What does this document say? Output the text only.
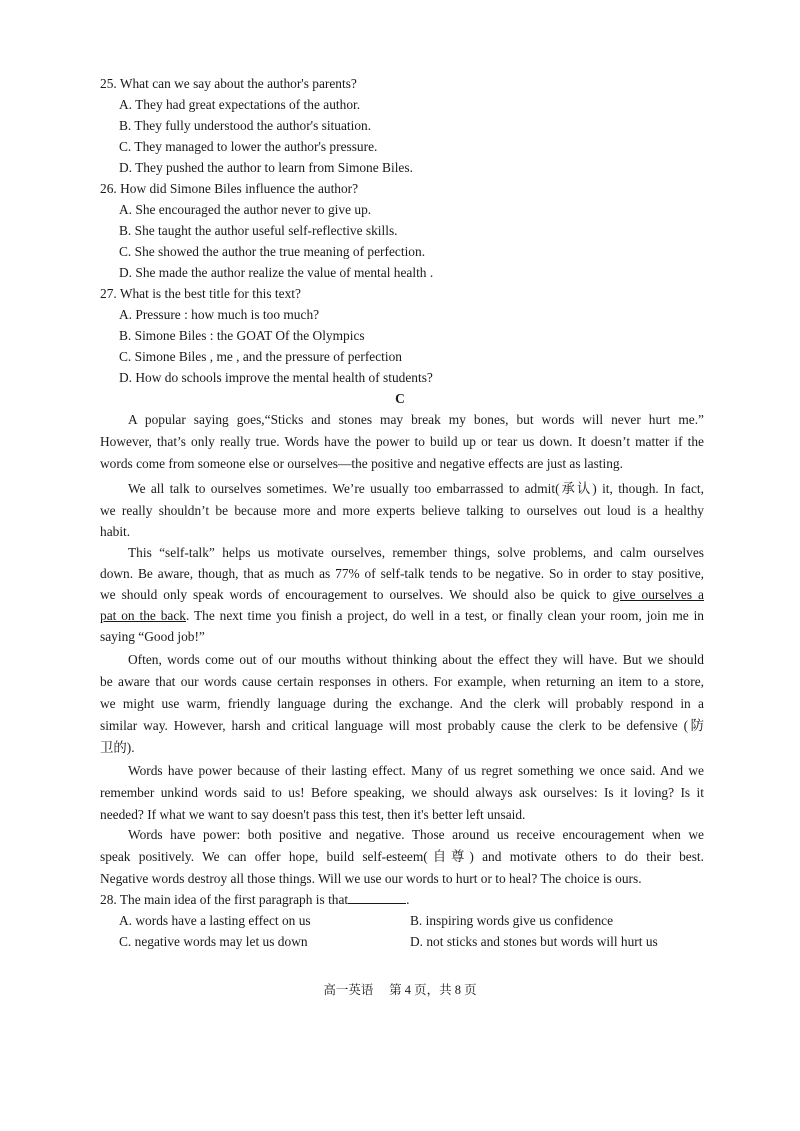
25. What can we say about the author's parents?
A. They had great expectations of the author.
B. They fully understood the author's situation.
C. They managed to lower the author's pressure.
D. They pushed the author to learn from Simone Biles.
26. How did Simone Biles influence the author?
A. She encouraged the author never to give up.
B. She taught the author useful self-reflective skills.
C. She showed the author the true meaning of perfection.
D. She made the author realize the value of mental health .
27. What is the best title for this text?
A. Pressure : how much is too much?
B. Simone Biles : the GOAT Of the Olympics
C. Simone Biles , me , and the pressure of perfection
D. How do schools improve the mental health of students?
C
A popular saying goes,“Sticks and stones may break my bones, but words will never hurt me.”
However, that’s only really true. Words have the power to build up or tear us down. It doesn’t matter if the
words come from someone else or ourselves—the positive and negative effects are just as lasting.
We all talk to ourselves sometimes. We’re usually too embarrassed to admit(承认) it, though. In fact,
we really shouldn’t be because more and more experts believe talking to ourselves out loud is a healthy
habit.
This “self-talk” helps us motivate ourselves, remember things, solve problems, and calm ourselves
down. Be aware, though, that as much as 77% of self-talk tends to be negative. So in order to stay positive,
we should only speak words of encouragement to ourselves. We should also be quick to give ourselves a
pat on the back. The next time you finish a project, do well in a test, or finally clean your room, join me in
saying “Good job!”
Often, words come out of our mouths without thinking about the effect they will have. But we should
be aware that our words cause certain responses in others. For example, when returning an item to a store,
we might use warm, friendly language during the exchange. And the clerk will probably respond in a
similar way. However, harsh and critical language will most probably cause the clerk to be defensive (防
卫的).
Words have power because of their lasting effect. Many of us regret something we once said. And we
remember unkind words said to us! Before speaking, we should always ask ourselves: Is it loving? Is it
needed? If what we want to say doesn't pass this test, then it's better left unsaid.
Words have power: both positive and negative. Those around us receive encouragement when we
speak positively. We can offer hope, build self-esteem(自尊) and motivate others to do their best.
Negative words destroy all those things. Will we use our words to hurt or to heal? The choice is ours.
28. The main idea of the first paragraph is that	.
A. words have a lasting effect on us	B. inspiring words give us confidence
C. negative words may let us down	D. not sticks and stones but words will hurt us
高一英语 第 4 页，共 8 页
